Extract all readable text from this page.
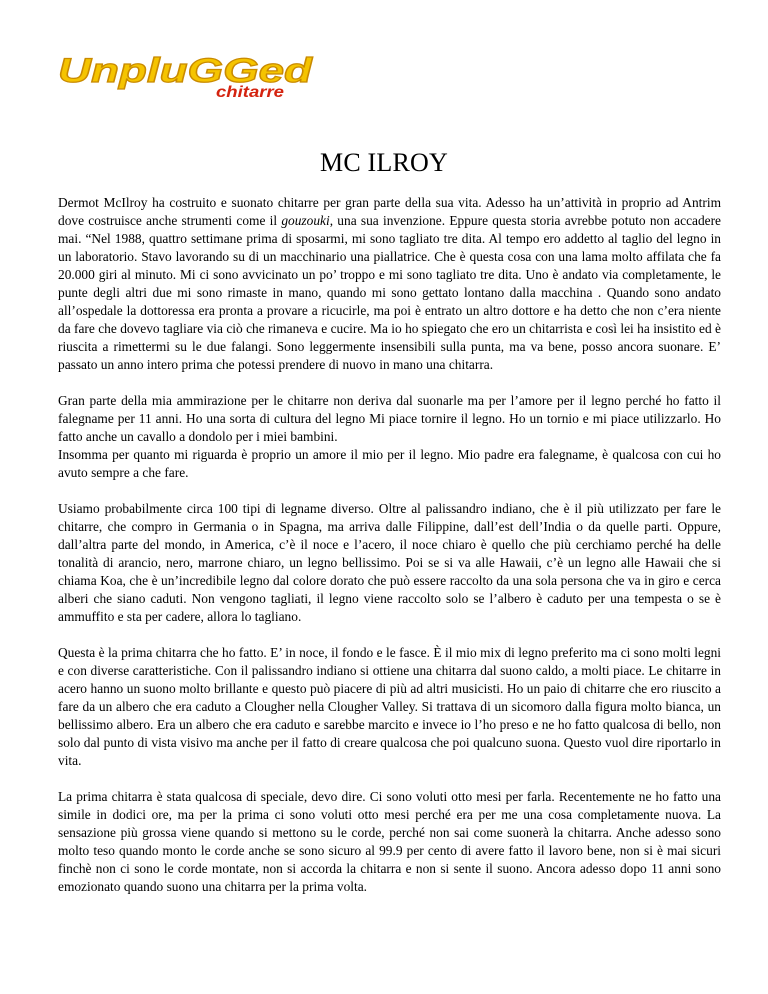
UnpluGGed
chitarre
MC ILROY

Dermot McIlroy ha costruito e suonato chitarre per gran parte della sua vita. Adesso ha un’attività in proprio ad Antrim dove costruisce anche strumenti come il gouzouki, una sua invenzione. Eppure questa storia avrebbe potuto non accadere mai. “Nel 1988, quattro settimane prima di sposarmi, mi sono tagliato tre dita. Al tempo ero addetto al taglio del legno in un laboratorio. Stavo lavorando su di un macchinario una piallatrice. Che è questa cosa con una lama molto affilata che fa 20.000 giri al minuto. Mi ci sono avvicinato un po’ troppo e mi sono tagliato tre dita. Uno è andato via completamente, le punte degli altri due mi sono rimaste in mano, quando mi sono gettato lontano dalla macchina . Quando sono andato all’ospedale la dottoressa era pronta a provare a ricucirle, ma poi è entrato un altro dottore e ha detto che non c’era niente da fare che dovevo tagliare via ciò che rimaneva e cucire. Ma io ho spiegato che ero un chitarrista e così lei ha insistito ed è riuscita a rimettermi su le due falangi. Sono leggermente insensibili sulla punta, ma va bene, posso ancora suonare. E’ passato un anno intero prima che potessi prendere di nuovo in mano una chitarra.

Gran parte della mia ammirazione per le chitarre non deriva dal suonarle ma per l’amore per il legno perché ho fatto il falegname per 11 anni. Ho una sorta di cultura del legno Mi piace tornire il legno. Ho un tornio e mi piace utilizzarlo. Ho fatto anche un cavallo a dondolo per i miei bambini.

Insomma per quanto mi riguarda è proprio un amore il mio per il legno. Mio padre era falegname, è qualcosa con cui ho avuto sempre a che fare.

Usiamo probabilmente circa 100 tipi di legname diverso. Oltre al palissandro indiano, che è il più utilizzato per fare le chitarre, che compro in Germania o in Spagna, ma arriva dalle Filippine, dall’est dell’India o da quelle parti. Oppure, dall’altra parte del mondo, in America, c’è il noce e l’acero, il noce chiaro è quello che più cerchiamo perché ha delle tonalità di arancio, nero, marrone chiaro, un legno bellissimo. Poi se si va alle Hawaii, c’è un legno alle Hawaii che si chiama Koa, che è un’incredibile legno dal colore dorato che può essere raccolto da una sola persona che va in giro e cerca alberi che siano caduti. Non vengono tagliati, il legno viene raccolto solo se l’albero è caduto per una tempesta o se è ammuffito e sta per cadere, allora lo tagliano.

Questa è la prima chitarra che ho fatto. E’ in noce, il fondo e le fasce. È il mio mix di legno preferito ma ci sono molti legni e con diverse caratteristiche. Con il palissandro indiano si ottiene una chitarra dal suono caldo, a molti piace. Le chitarre in acero hanno un suono molto brillante e questo può piacere di più ad altri musicisti. Ho un paio di chitarre che ero riuscito a fare da un albero che era caduto a Clougher nella Clougher Valley. Si trattava di un sicomoro dalla figura molto bianca, un bellissimo albero. Era un albero che era caduto e sarebbe marcito e invece io l’ho preso e ne ho fatto qualcosa di bello, non solo dal punto di vista visivo ma anche per il fatto di creare qualcosa che poi qualcuno suona. Questo vuol dire riportarlo in vita.

La prima chitarra è stata qualcosa di speciale, devo dire. Ci sono voluti otto mesi per farla. Recentemente ne ho fatto una simile in dodici ore, ma per la prima ci sono voluti otto mesi perché era per me una cosa completamente nuova. La sensazione più grossa viene quando si mettono su le corde, perché non sai come suonerà la chitarra. Anche adesso sono molto teso quando monto le corde anche se sono sicuro al 99.9 per cento di avere fatto il lavoro bene, non si è mai sicuri finchè non ci sono le corde montate, non si accorda la chitarra e non si sente il suono. Ancora adesso dopo 11 anni sono emozionato quando suono una chitarra per la prima volta.
